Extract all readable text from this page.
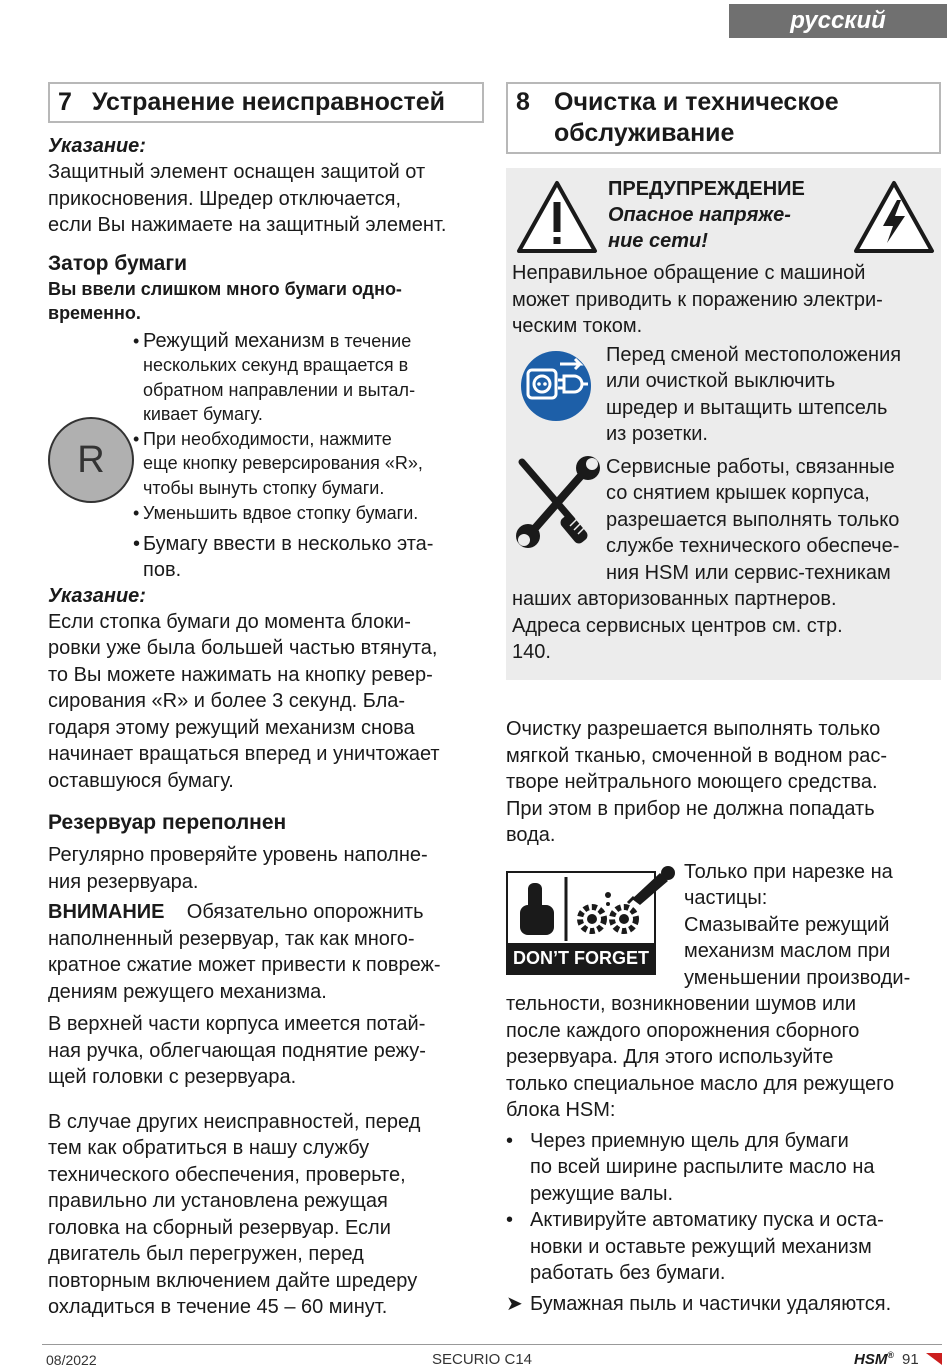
русский
7 Устранение неисправностей
Указание:

Защитный элемент оснащен защитой от
прикосновения. Шредер отключается,
если Вы нажимаете на защитный элемент.

Затор бумаги
Вы ввели слишком много бумаги одно-
временно.
R
• Режущий механизм в течение
нескольких секунд вращается в
обратном направлении и вытал-
кивает бумагу.
• При необходимости, нажмите
еще кнопку реверсирования «R»,
чтобы вынуть стопку бумаги.
• Уменьшить вдвое стопку бумаги.
• Бумагу ввести в несколько эта-
пов.
Указание:

Если стопка бумаги до момента блоки-
ровки уже была большей частью втянута,
то Вы можете нажимать на кнопку ревер-
сирования «R» и более 3 секунд. Бла-
годаря этому режущий механизм снова
начинает вращаться вперед и уничтожает
оставшуюся бумагу.

Резервуар переполнен

Регулярно проверяйте уровень наполне-
ния резервуара.

ВНИМАНИЕ Обязательно опорожнить
наполненный резервуар, так как много-
кратное сжатие может привести к повреж-
дениям режущего механизма.

В верхней части корпуса имеется потай-
ная ручка, облегчающая поднятие режу-
щей головки с резервуара.

В случае других неисправностей, перед
тем как обратиться в нашу службу
технического обеспечения, проверьте,
правильно ли установлена режущая
головка на сборный резервуар. Если
двигатель был перегружен, перед
повторным включением дайте шредеру
охладиться в течение 45 – 60 минут.

8 Очистка и техническое
обслуживание
ПРЕДУПРЕЖДЕНИЕ
Опасное напряже-
ние сети!

Неправильное обращение с машиной
может приводить к поражению электри-
ческим током.

Перед сменой местоположения
или очисткой выключить
шредер и вытащить штепсель
из розетки.
Сервисные работы, связанные
со снятием крышек корпуса,
разрешается выполнять только
службе технического обеспече-
ния HSM или сервис-техникам

наших авторизованных партнеров.
Адреса сервисных центров см. стр.
140.

Очистку разрешается выполнять только
мягкой тканью, смоченной в водном рас-
творе нейтрального моющего средства.
При этом в прибор не должна попадать
вода.

DON’T FORGET
Только при нарезке на
частицы:
Смазывайте режущий
механизм маслом при
уменьшении производи-
тельности, возникновении шумов или
после каждого опорожнения сборного
резервуара. Для этого используйте
только специальное масло для режущего
блока HSM:
• Через приемную щель для бумаги
по всей ширине распылите масло на
режущие валы.
• Активируйте автоматику пуска и оста-
новки и оставьте режущий механизм
работать без бумаги.
➤ Бумажная пыль и частички удаляются.
08/2022	SECURIO C14	HSM® 91
